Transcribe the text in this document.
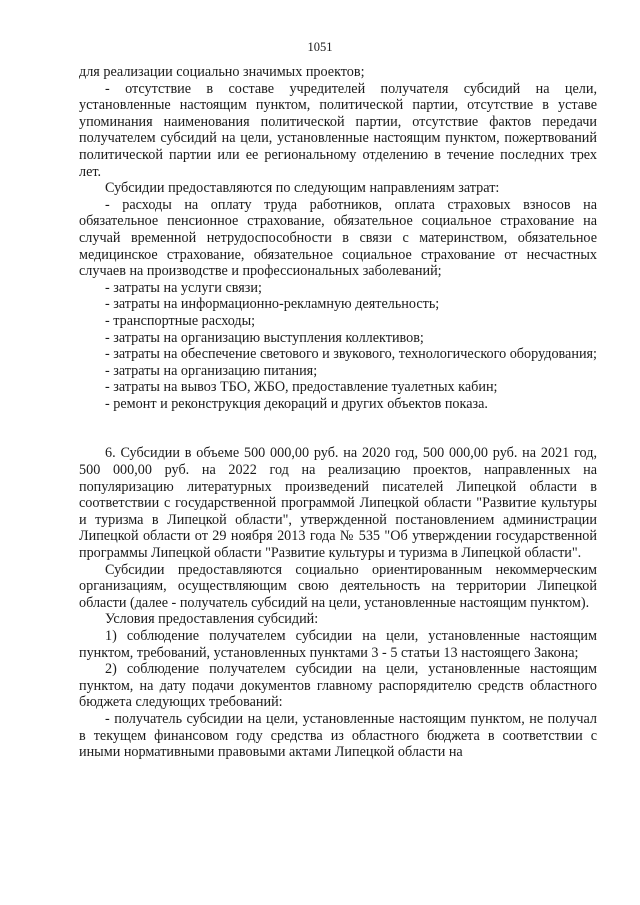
1051

для реализации социально значимых проектов;

- отсутствие в составе учредителей получателя субсидий на цели, установленные настоящим пунктом, политической партии, отсутствие в уставе упоминания наименования политической партии, отсутствие фактов передачи получателем субсидий на цели, установленные настоящим пунктом, пожертвований политической партии или ее региональному отделению в течение последних трех лет.

Субсидии предоставляются по следующим направлениям затрат:

- расходы на оплату труда работников, оплата страховых взносов на обязательное пенсионное страхование, обязательное социальное страхование на случай временной нетрудоспособности в связи с материнством, обязательное медицинское страхование, обязательное социальное страхование от несчастных случаев на производстве и профессиональных заболеваний;

- затраты на услуги связи;

- затраты на информационно-рекламную деятельность;

- транспортные расходы;

- затраты на организацию выступления коллективов;

- затраты на обеспечение светового и звукового, технологического оборудования;

- затраты на организацию питания;

- затраты на вывоз ТБО, ЖБО, предоставление туалетных кабин;

- ремонт и реконструкция декораций и других объектов показа.

6. Субсидии в объеме 500 000,00 руб. на 2020 год, 500 000,00 руб. на 2021 год, 500 000,00 руб. на 2022 год на реализацию проектов, направленных на популяризацию литературных произведений писателей Липецкой области в соответствии с государственной программой Липецкой области "Развитие культуры и туризма в Липецкой области", утвержденной постановлением администрации Липецкой области от 29 ноября 2013 года № 535 "Об утверждении государственной программы Липецкой области "Развитие культуры и туризма в Липецкой области".

Субсидии предоставляются социально ориентированным некоммерческим организациям, осуществляющим свою деятельность на территории Липецкой области (далее - получатель субсидий на цели, установленные настоящим пунктом).

Условия предоставления субсидий:

1) соблюдение получателем субсидии на цели, установленные настоящим пунктом, требований, установленных пунктами 3 - 5 статьи 13 настоящего Закона;

2) соблюдение получателем субсидии на цели, установленные настоящим пунктом, на дату подачи документов главному распорядителю средств областного бюджета следующих требований:

- получатель субсидии на цели, установленные настоящим пунктом, не получал в текущем финансовом году средства из областного бюджета в соответствии с иными нормативными правовыми актами Липецкой области на
